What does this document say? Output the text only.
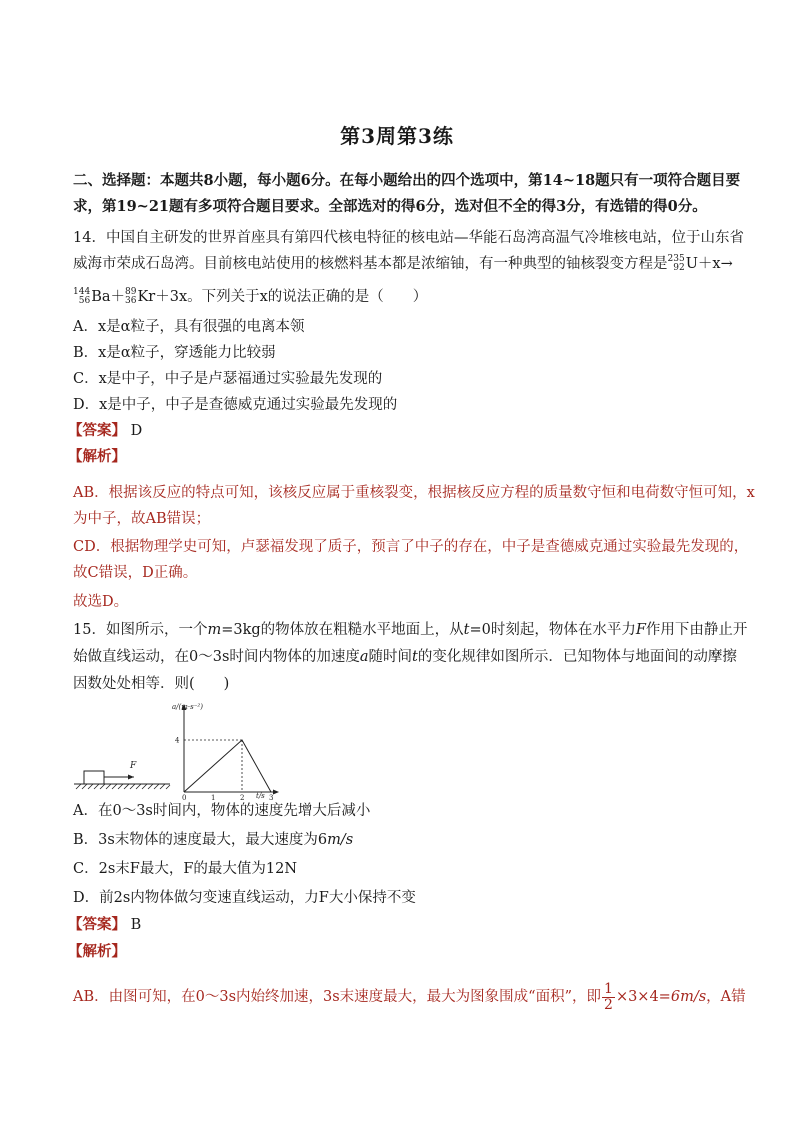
第3周第3练
二、选择题：本题共8小题，每小题6分。在每小题给出的四个选项中，第14~18题只有一项符合题目要
求，第19~21题有多项符合题目要求。全部选对的得6分，选对但不全的得3分，有选错的得0分。
14．中国自主研发的世界首座具有第四代核电特征的核电站—华能石岛湾高温气冷堆核电站，位于山东省
威海市荣成石岛湾。目前核电站使用的核燃料基本都是浓缩铀，有一种典型的铀核裂变方程是 235
92 U＋x→
144
56 Ba＋ 89
36 Kr＋3x。下列关于x的说法正确的是（　　）
A．x是α粒子，具有很强的电离本领
B．x是α粒子，穿透能力比较弱
C．x是中子，中子是卢瑟福通过实验最先发现的
D．x是中子，中子是查德威克通过实验最先发现的
【答案】 D
【解析】
AB．根据该反应的特点可知，该核反应属于重核裂变，根据核反应方程的质量数守恒和电荷数守恒可知，x
为中子，故AB错误；
CD．根据物理学史可知，卢瑟福发现了质子，预言了中子的存在，中子是查德威克通过实验最先发现的，
故C错误，D正确。
故选D。
15．如图所示，一个m=3kg的物体放在粗糙水平地面上，从t=0时刻起，物体在水平力F作用下由静止开
始做直线运动，在0～3s时间内物体的加速度a随时间t的变化规律如图所示．已知物体与地面间的动摩擦
因数处处相等．则(　　)
F
a/(m·s⁻²)
t/s
0	1	2	3
4
A．在0～3s时间内，物体的速度先增大后减小
B．3s末物体的速度最大，最大速度为6m/s
C．2s末F最大，F的最大值为12N
D．前2s内物体做匀变速直线运动，力F大小保持不变
【答案】 B
【解析】
AB．由图可知，在0～3s内始终加速，3s末速度最大，最大为图象围成“面积”，即 $\frac{1}{2} \times 3\times 4=6m/s$，A错
